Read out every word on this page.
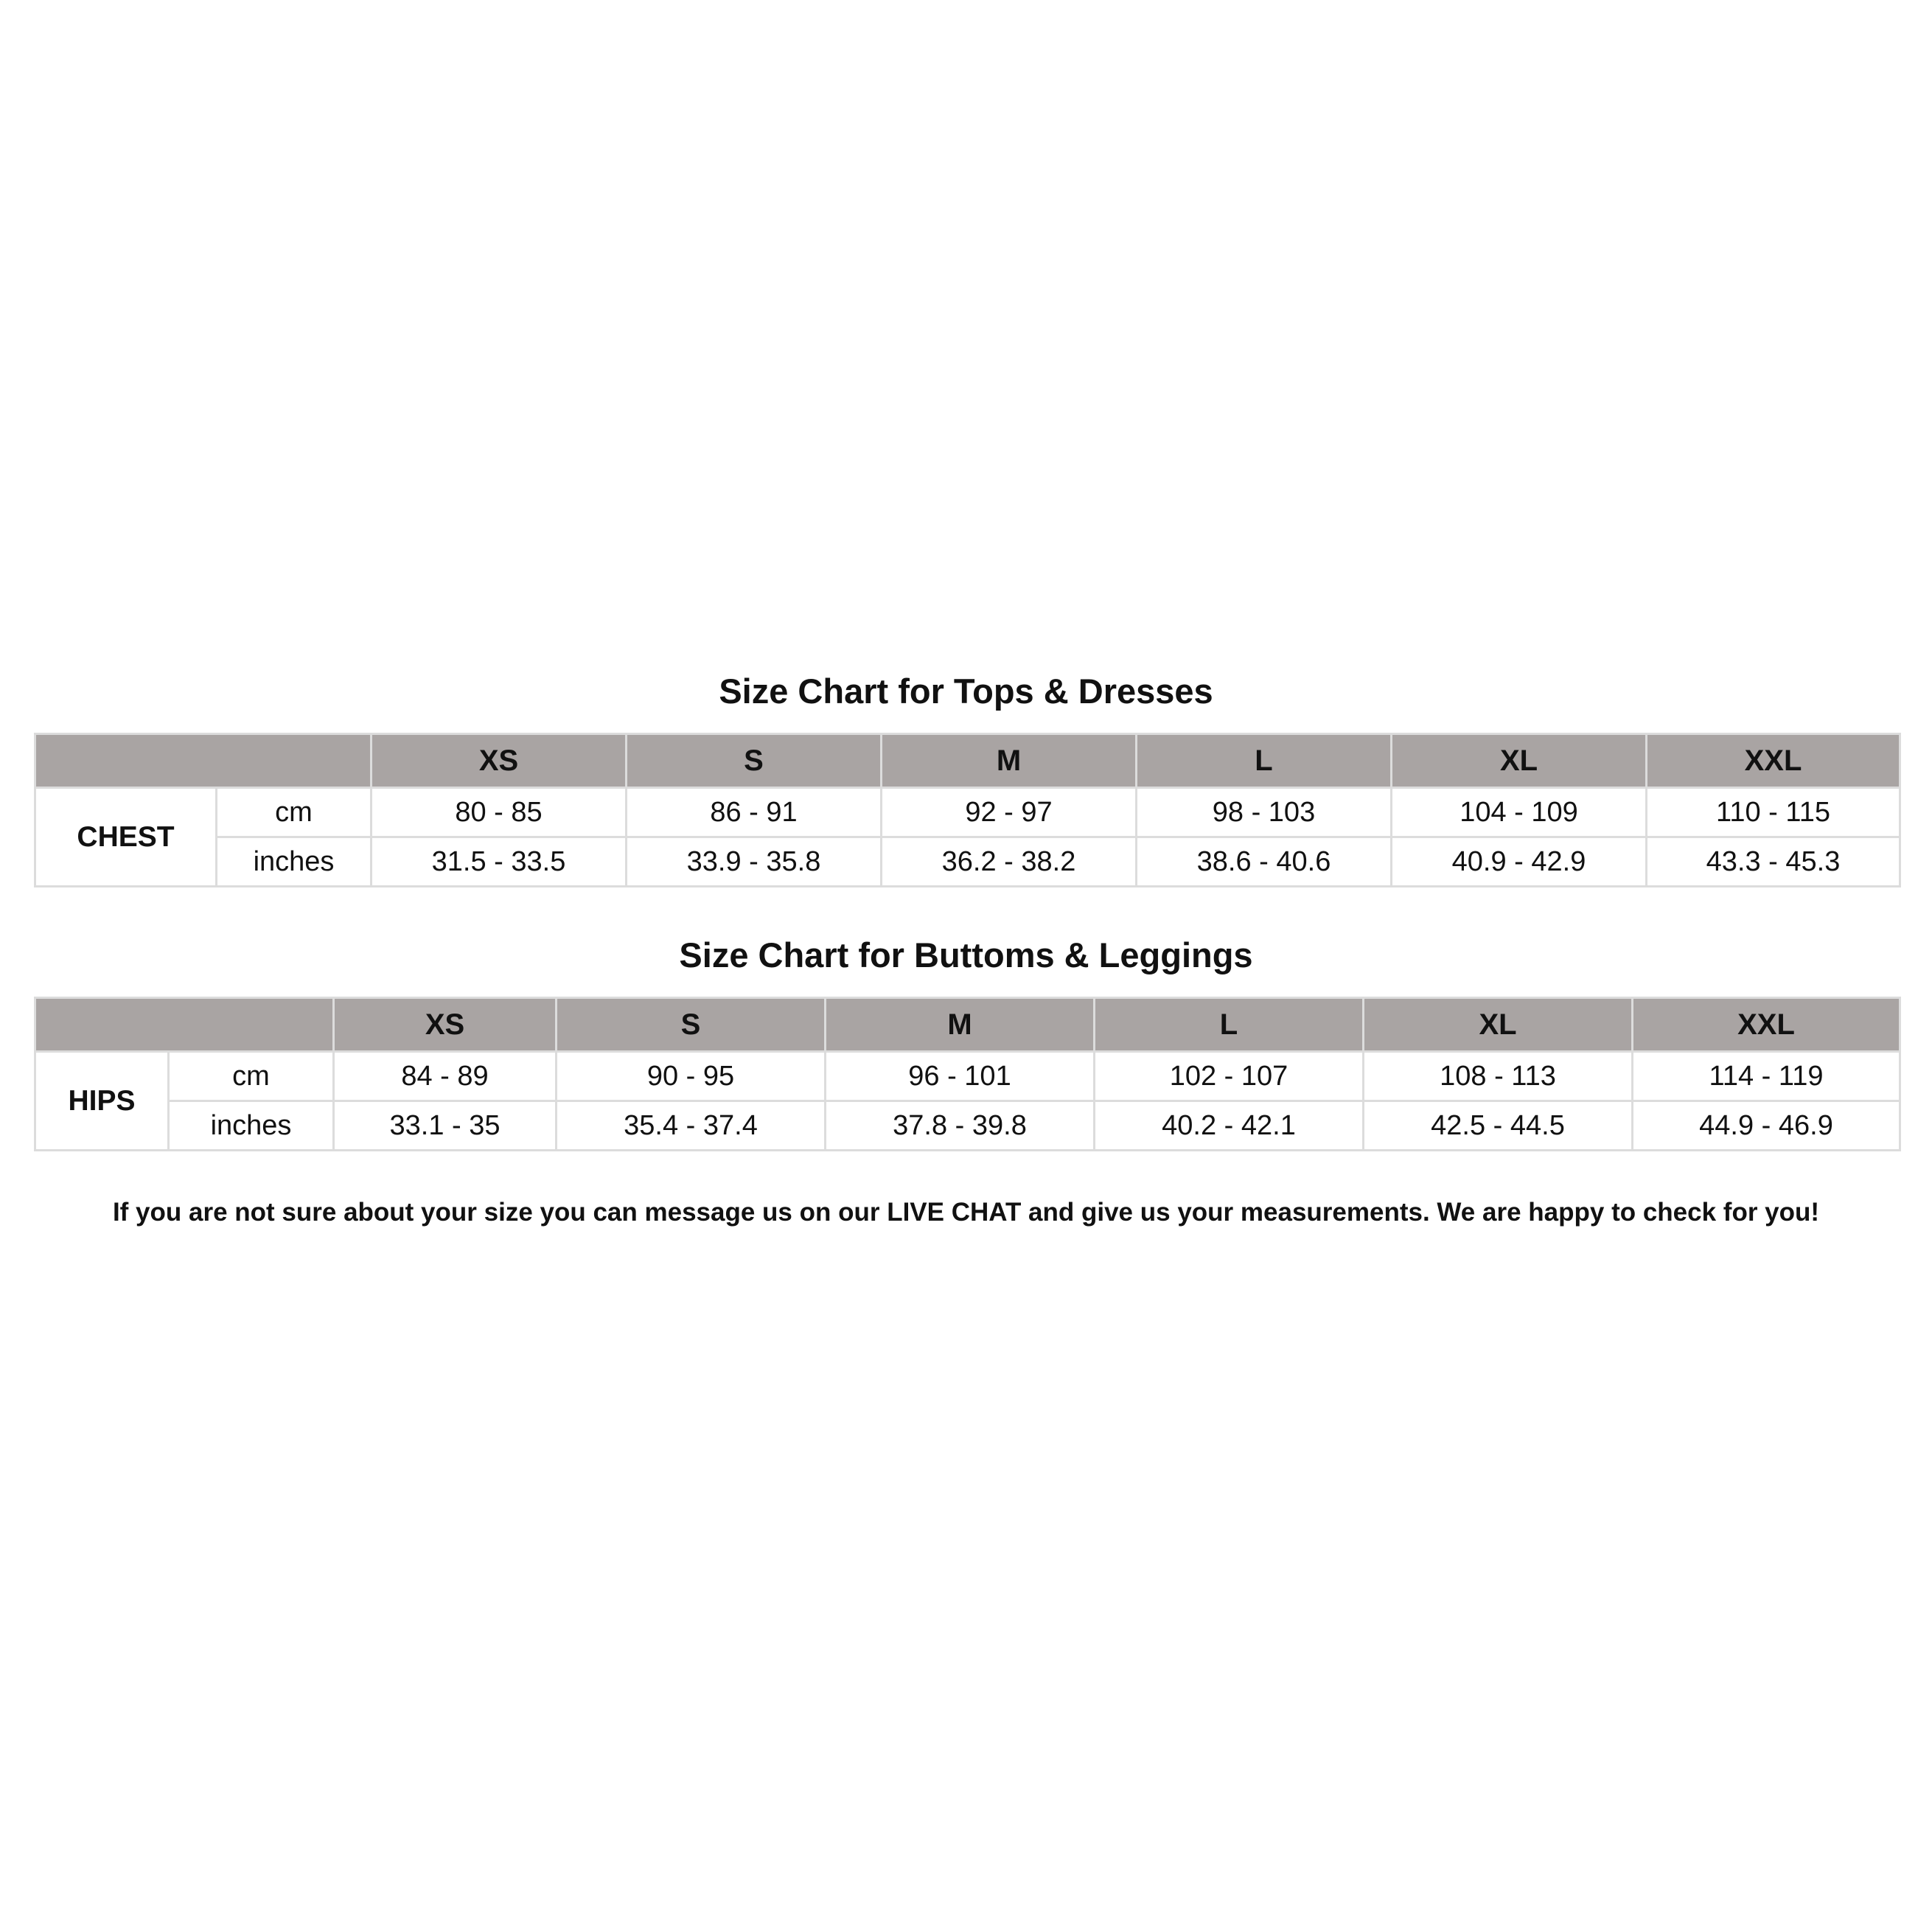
Size Chart for Tops & Dresses
		XS	S	M	L	XL	XXL
CHEST	cm	80 - 85	86 - 91	92 - 97	98 - 103	104 - 109	110 - 115
	inches	31.5 - 33.5	33.9 - 35.8	36.2 - 38.2	38.6 - 40.6	40.9 - 42.9	43.3 - 45.3
Size Chart for Buttoms & Leggings
		XS	S	M	L	XL	XXL
HIPS	cm	84 - 89	90 - 95	96 - 101	102 - 107	108 - 113	114 - 119
	inches	33.1 - 35	35.4 - 37.4	37.8 - 39.8	40.2 - 42.1	42.5 - 44.5	44.9 - 46.9

If you are not sure about your size you can message us on our LIVE CHAT and give us your measurements. We are happy to check for you!
